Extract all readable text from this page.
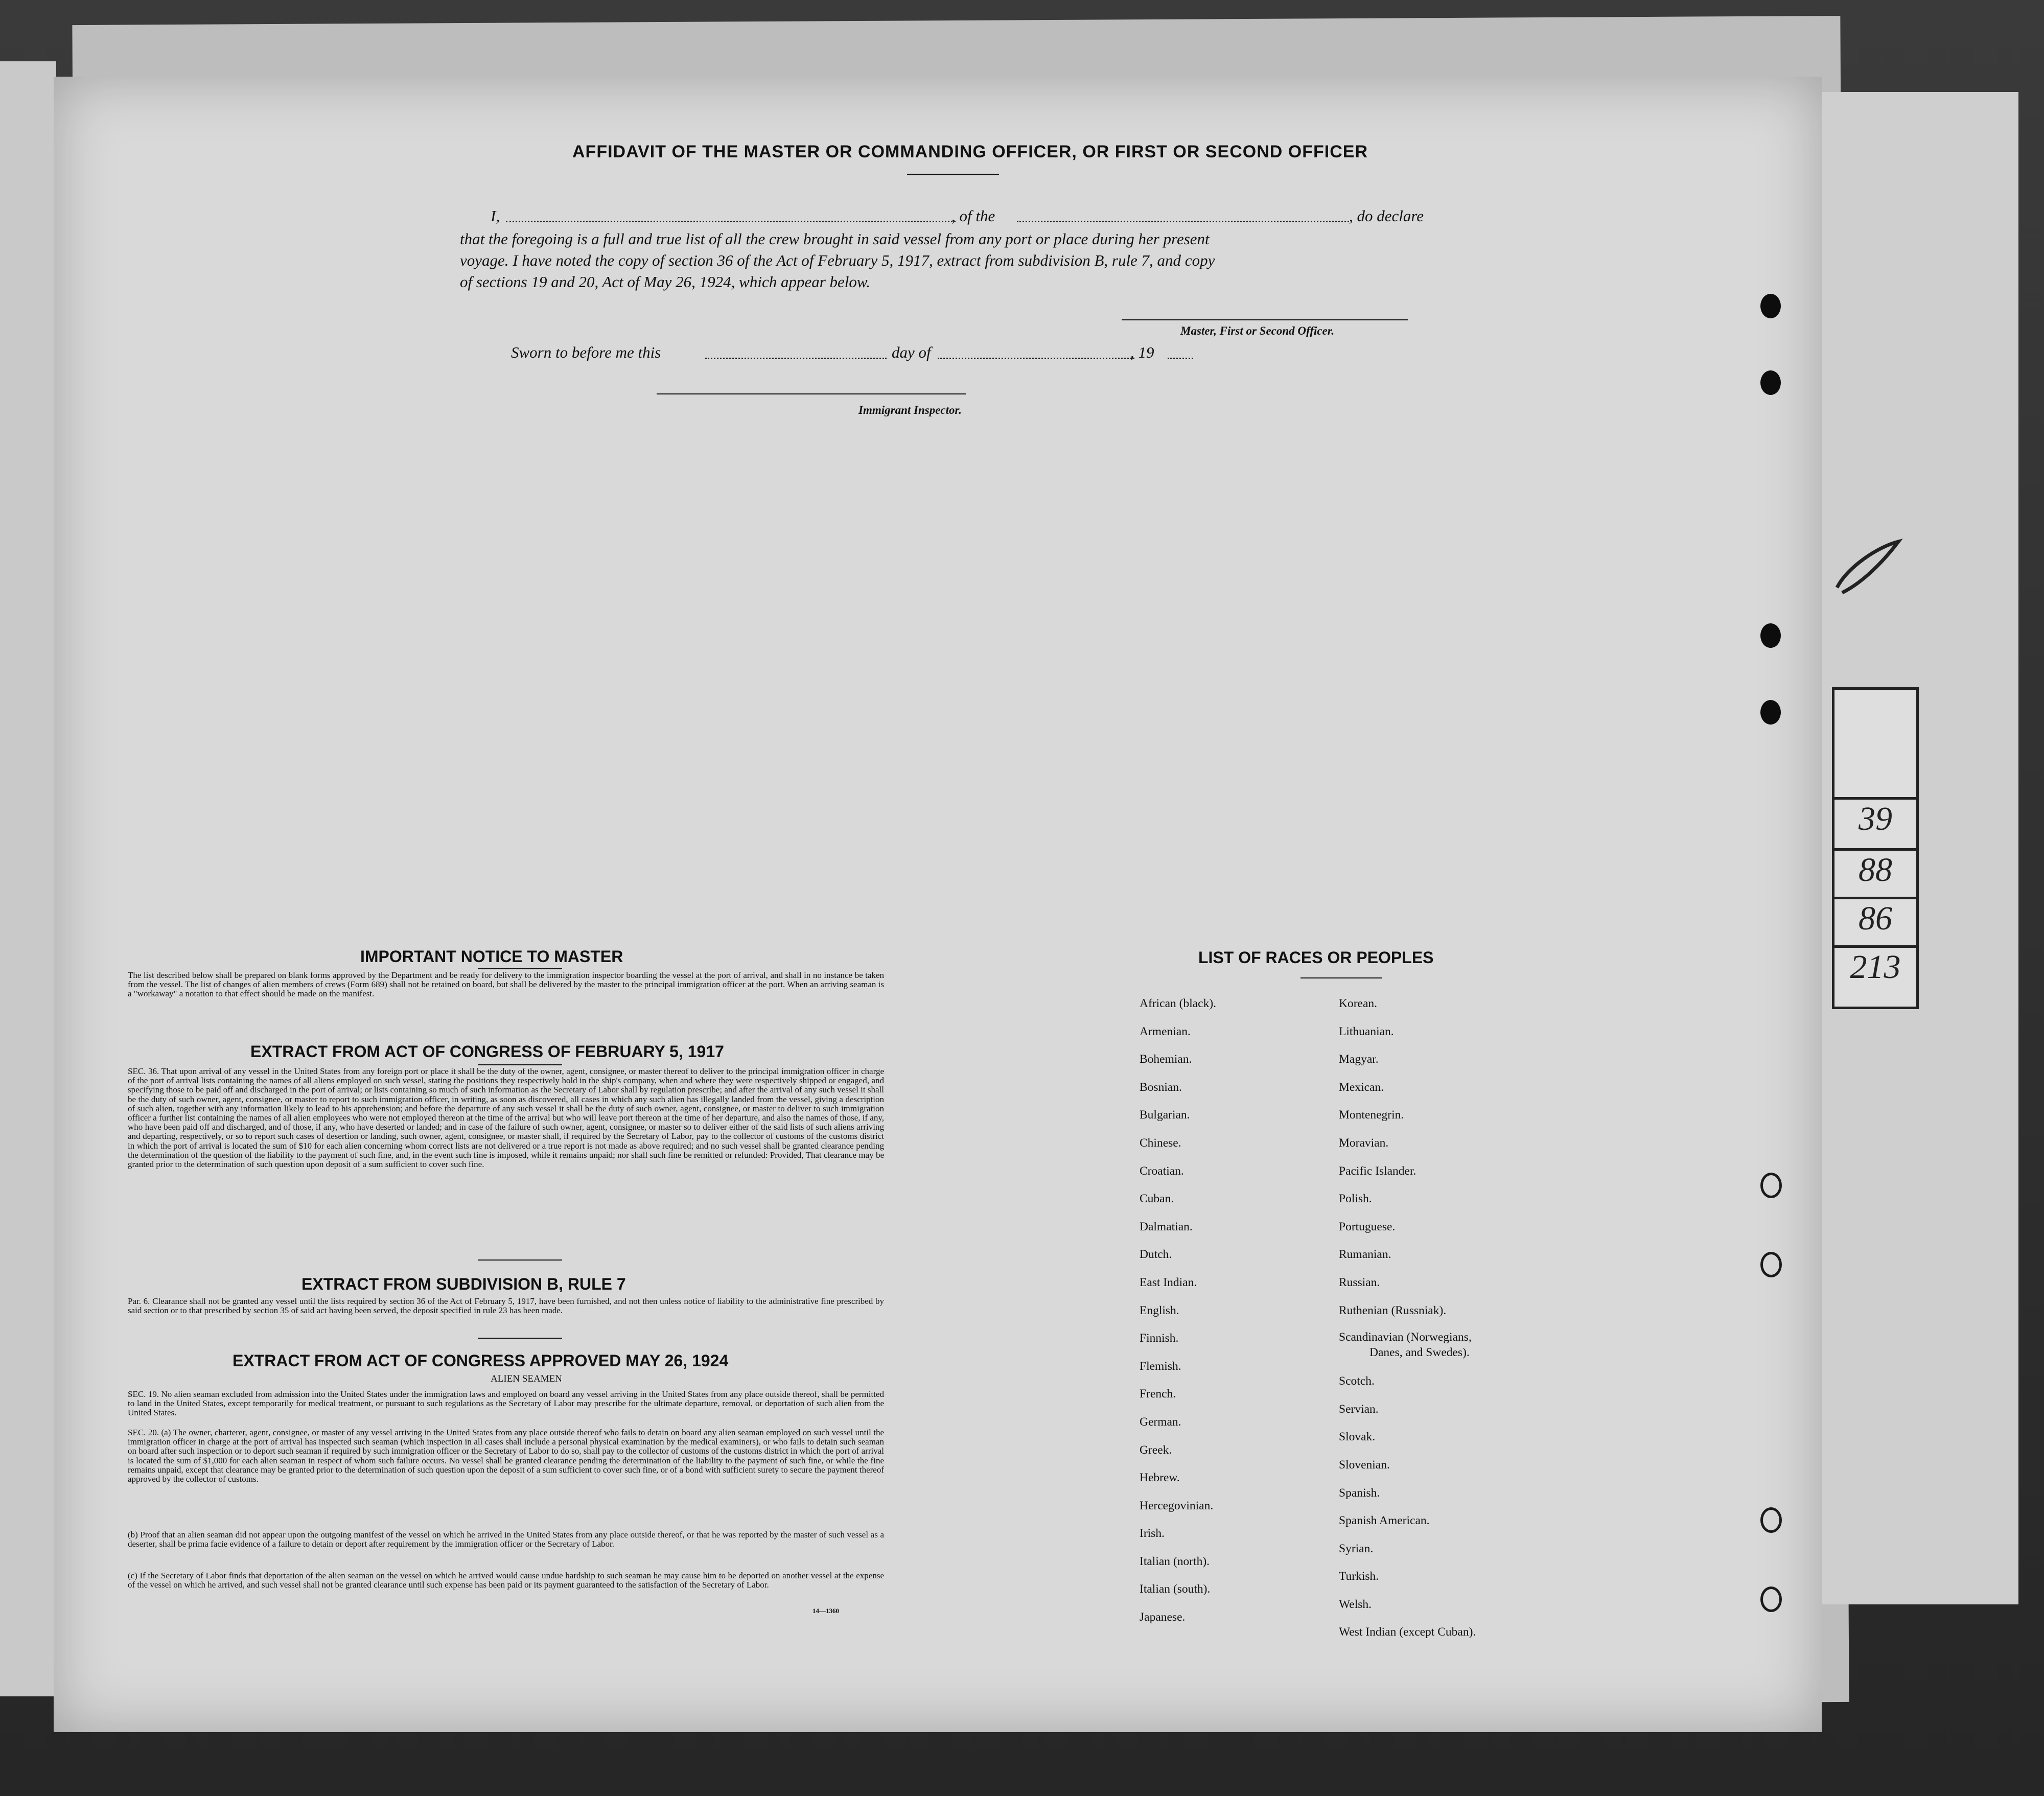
39
88
86
213
AFFIDAVIT OF THE MASTER OR COMMANDING OFFICER, OR FIRST OR SECOND OFFICER
I,	, of the	, do declare
that the foregoing is a full and true list of all the crew brought in said vessel from any port or place during her present
voyage. I have noted the copy of section 36 of the Act of February 5, 1917, extract from subdivision B, rule 7, and copy
of sections 19 and 20, Act of May 26, 1924, which appear below.
Master, First or Second Officer.
Sworn to before me this	day of	, 19
Immigrant Inspector.
IMPORTANT NOTICE TO MASTER
The list described below shall be prepared on blank forms approved by the Department and be ready for delivery to the immigration inspector boarding the vessel at the port of arrival, and shall in no instance be taken from the vessel. The list of changes of alien members of crews (Form 689) shall not be retained on board, but shall be delivered by the master to the principal immigration officer at the port. When an arriving seaman is a "workaway" a notation to that effect should be made on the manifest.
EXTRACT FROM ACT OF CONGRESS OF FEBRUARY 5, 1917
SEC. 36. That upon arrival of any vessel in the United States from any foreign port or place it shall be the duty of the owner, agent, consignee, or master thereof to deliver to the principal immigration officer in charge of the port of arrival lists containing the names of all aliens employed on such vessel, stating the positions they respectively hold in the ship's company, when and where they were respectively shipped or engaged, and specifying those to be paid off and discharged in the port of arrival; or lists containing so much of such information as the Secretary of Labor shall by regulation prescribe; and after the arrival of any such vessel it shall be the duty of such owner, agent, consignee, or master to report to such immigration officer, in writing, as soon as discovered, all cases in which any such alien has illegally landed from the vessel, giving a description of such alien, together with any information likely to lead to his apprehension; and before the departure of any such vessel it shall be the duty of such owner, agent, consignee, or master to deliver to such immigration officer a further list containing the names of all alien employees who were not employed thereon at the time of the arrival but who will leave port thereon at the time of her departure, and also the names of those, if any, who have been paid off and discharged, and of those, if any, who have deserted or landed; and in case of the failure of such owner, agent, consignee, or master so to deliver either of the said lists of such aliens arriving and departing, respectively, or so to report such cases of desertion or landing, such owner, agent, consignee, or master shall, if required by the Secretary of Labor, pay to the collector of customs of the customs district in which the port of arrival is located the sum of $10 for each alien concerning whom correct lists are not delivered or a true report is not made as above required; and no such vessel shall be granted clearance pending the determination of the question of the liability to the payment of such fine, and, in the event such fine is imposed, while it remains unpaid; nor shall such fine be remitted or refunded: Provided, That clearance may be granted prior to the determination of such question upon deposit of a sum sufficient to cover such fine.
EXTRACT FROM SUBDIVISION B, RULE 7
Par. 6. Clearance shall not be granted any vessel until the lists required by section 36 of the Act of February 5, 1917, have been furnished, and not then unless notice of liability to the administrative fine prescribed by said section or to that prescribed by section 35 of said act having been served, the deposit specified in rule 23 has been made.
EXTRACT FROM ACT OF CONGRESS APPROVED MAY 26, 1924
ALIEN SEAMEN
SEC. 19. No alien seaman excluded from admission into the United States under the immigration laws and employed on board any vessel arriving in the United States from any place outside thereof, shall be permitted to land in the United States, except temporarily for medical treatment, or pursuant to such regulations as the Secretary of Labor may prescribe for the ultimate departure, removal, or deportation of such alien from the United States.
SEC. 20. (a) The owner, charterer, agent, consignee, or master of any vessel arriving in the United States from any place outside thereof who fails to detain on board any alien seaman employed on such vessel until the immigration officer in charge at the port of arrival has inspected such seaman (which inspection in all cases shall include a personal physical examination by the medical examiners), or who fails to detain such seaman on board after such inspection or to deport such seaman if required by such immigration officer or the Secretary of Labor to do so, shall pay to the collector of customs of the customs district in which the port of arrival is located the sum of $1,000 for each alien seaman in respect of whom such failure occurs. No vessel shall be granted clearance pending the determination of the liability to the payment of such fine, or while the fine remains unpaid, except that clearance may be granted prior to the determination of such question upon the deposit of a sum sufficient to cover such fine, or of a bond with sufficient surety to secure the payment thereof approved by the collector of customs.
(b) Proof that an alien seaman did not appear upon the outgoing manifest of the vessel on which he arrived in the United States from any place outside thereof, or that he was reported by the master of such vessel as a deserter, shall be prima facie evidence of a failure to detain or deport after requirement by the immigration officer or the Secretary of Labor.
(c) If the Secretary of Labor finds that deportation of the alien seaman on the vessel on which he arrived would cause undue hardship to such seaman he may cause him to be deported on another vessel at the expense of the vessel on which he arrived, and such vessel shall not be granted clearance until such expense has been paid or its payment guaranteed to the satisfaction of the Secretary of Labor.
14—1360
LIST OF RACES OR PEOPLES
African (black).
Armenian.
Bohemian.
Bosnian.
Bulgarian.
Chinese.
Croatian.
Cuban.
Dalmatian.
Dutch.
East Indian.
English.
Finnish.
Flemish.
French.
German.
Greek.
Hebrew.
Hercegovinian.
Irish.
Italian (north).
Italian (south).
Japanese.
Korean.
Lithuanian.
Magyar.
Mexican.
Montenegrin.
Moravian.
Pacific Islander.
Polish.
Portuguese.
Rumanian.
Russian.
Ruthenian (Russniak).
Scandinavian (Norwegians,
Danes, and Swedes).
Scotch.
Servian.
Slovak.
Slovenian.
Spanish.
Spanish American.
Syrian.
Turkish.
Welsh.
West Indian (except Cuban).
